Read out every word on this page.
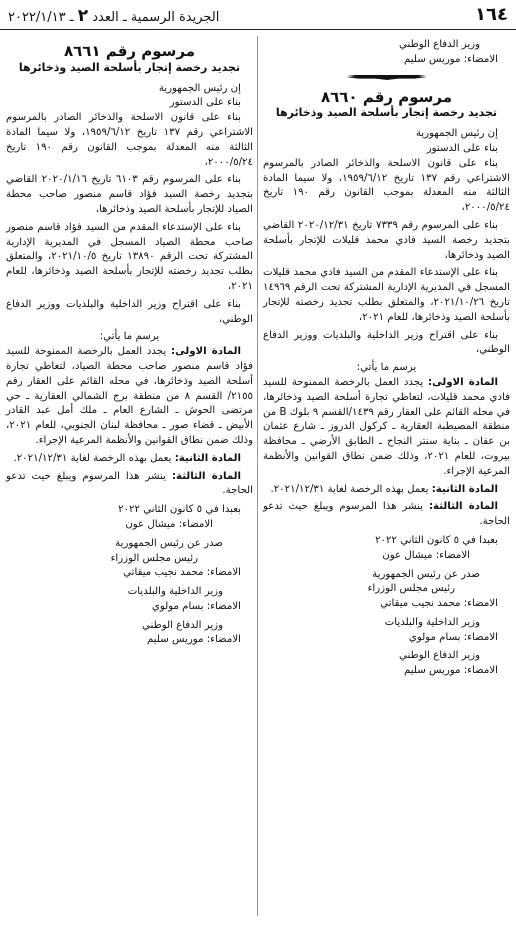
١٦٤
الجريدة الرسمية ـ العدد ٢ ـ ٢٠٢٢/١/١٣

وزير الدفاع الوطني

الامضاء: موريس سليم

مرسوم رقم ٨٦٦٠

تجديد رخصة إتجار بأسلحة الصيد وذخائرها

إن رئيس الجمهورية

بناء على الدستور

بناء على قانون الاسلحة والذخائر الصادر بالمرسوم الاشتراعي رقم ١٣٧ تاريخ ١٩٥٩/٦/١٢، ولا سيما المادة الثالثة منه المعدلة بموجب القانون رقم ١٩٠ تاريخ ٢٠٠٠/٥/٢٤،

بناء على المرسوم رقم ٧٣٣٩ تاريخ ٢٠٢٠/١٢/٣١ القاضي بتجديد رخصة السيد فادي محمد قليلات للإتجار بأسلحة الصيد وذخائرها،

بناء على الإستدعاء المقدم من السيد فادي محمد قليلات المسجل في المديرية الإدارية المشتركة تحت الرقم ١٤٩٦٩ تاريخ ٢٠٢١/١٠/٢٦، والمتعلق بطلب تجديد رخصته للإتجار بأسلحة الصيد وذخائرها، للعام ٢٠٢١،

بناء على اقتراح وزير الداخلية والبلديات ووزير الدفاع الوطني،

يرسم ما يأتي:

المادة الاولى: يجدد العمل بالرخصة الممنوحة للسيد فادي محمد قليلات، لتعاطي تجارة أسلحة الصيد وذخائرها، في محله القائم على العقار رقم ١٤٣٩/القسم ٩ بلوك B من منطقة المصيطبة العقارية ـ كركول الدروز ـ شارع عثمان بن عفان ـ بناية سنتر النجاح ـ الطابق الأرضي ـ محافظة بيروت، للعام ٢٠٢١، وذلك ضمن نطاق القوانين والأنظمة المرعية الإجراء.

المادة الثانية: يعمل بهذه الرخصة لغاية ٢٠٢١/١٢/٣١.

المادة الثالثة: ينشر هذا المرسوم ويبلغ حيث تدعو الحاجة.

بعبدا في ٥ كانون الثاني ٢٠٢٢

الامضاء: ميشال عون

صدر عن رئيس الجمهورية

رئيس مجلس الوزراء

الامضاء: محمد نجيب ميقاتي

وزير الداخلية والبلديات

الامضاء: بسام مولوي

وزير الدفاع الوطني

الامضاء: موريس سليم

مرسوم رقم ٨٦٦١

تجديد رخصة إتجار بأسلحة الصيد وذخائرها

إن رئيس الجمهورية

بناء على الدستور

بناء على قانون الاسلحة والذخائر الصادر بالمرسوم الاشتراعي رقم ١٣٧ تاريخ ١٩٥٩/٦/١٢، ولا سيما المادة الثالثة منه المعدلة بموجب القانون رقم ١٩٠ تاريخ ٢٠٠٠/٥/٢٤،

بناء على المرسوم رقم ٦١٠٣ تاريخ ٢٠٢٠/١/١٦ القاضي بتجديد رخصة السيد فؤاد قاسم منصور صاحب محطة الصياد للإتجار بأسلحة الصيد وذخائرها،

بناء على الإستدعاء المقدم من السيد فؤاد قاسم منصور صاحب محطة الصياد المسجل في المديرية الإدارية المشتركة تحت الرقم ١٣٨٩٠ تاريخ ٢٠٢١/١٠/٥، والمتعلق بطلب تجديد رخصته للإتجار بأسلحة الصيد وذخائرها، للعام ٢٠٢١،

بناء على اقتراح وزير الداخلية والبلديات ووزير الدفاع الوطني،

يرسم ما يأتي:

المادة الاولى: يجدد العمل بالرخصة الممنوحة للسيد فؤاد قاسم منصور صاحب محطة الصياد، لتعاطي تجارة أسلحة الصيد وذخائرها، في محله القائم على العقار رقم ٢١٥٥/ القسم ٨ من منطقة برج الشمالي العقارية ـ حي مرتضى الحوش ـ الشارع العام ـ ملك أمل عبد القادر الأبيض ـ قضاء صور ـ محافظة لبنان الجنوبي، للعام ٢٠٢١، وذلك ضمن نطاق القوانين والأنظمة المرعية الإجراء.

المادة الثانية: يعمل بهذه الرخصة لغاية ٢٠٢١/١٢/٣١.

المادة الثالثة: ينشر هذا المرسوم ويبلغ حيث تدعو الحاجة.

بعبدا في ٥ كانون الثاني ٢٠٢٢

الامضاء: ميشال عون

صدر عن رئيس الجمهورية

رئيس مجلس الوزراء

الامضاء: محمد نجيب ميقاتي

وزير الداخلية والبلديات

الامضاء: بسام مولوي

وزير الدفاع الوطني

الامضاء: موريس سليم
